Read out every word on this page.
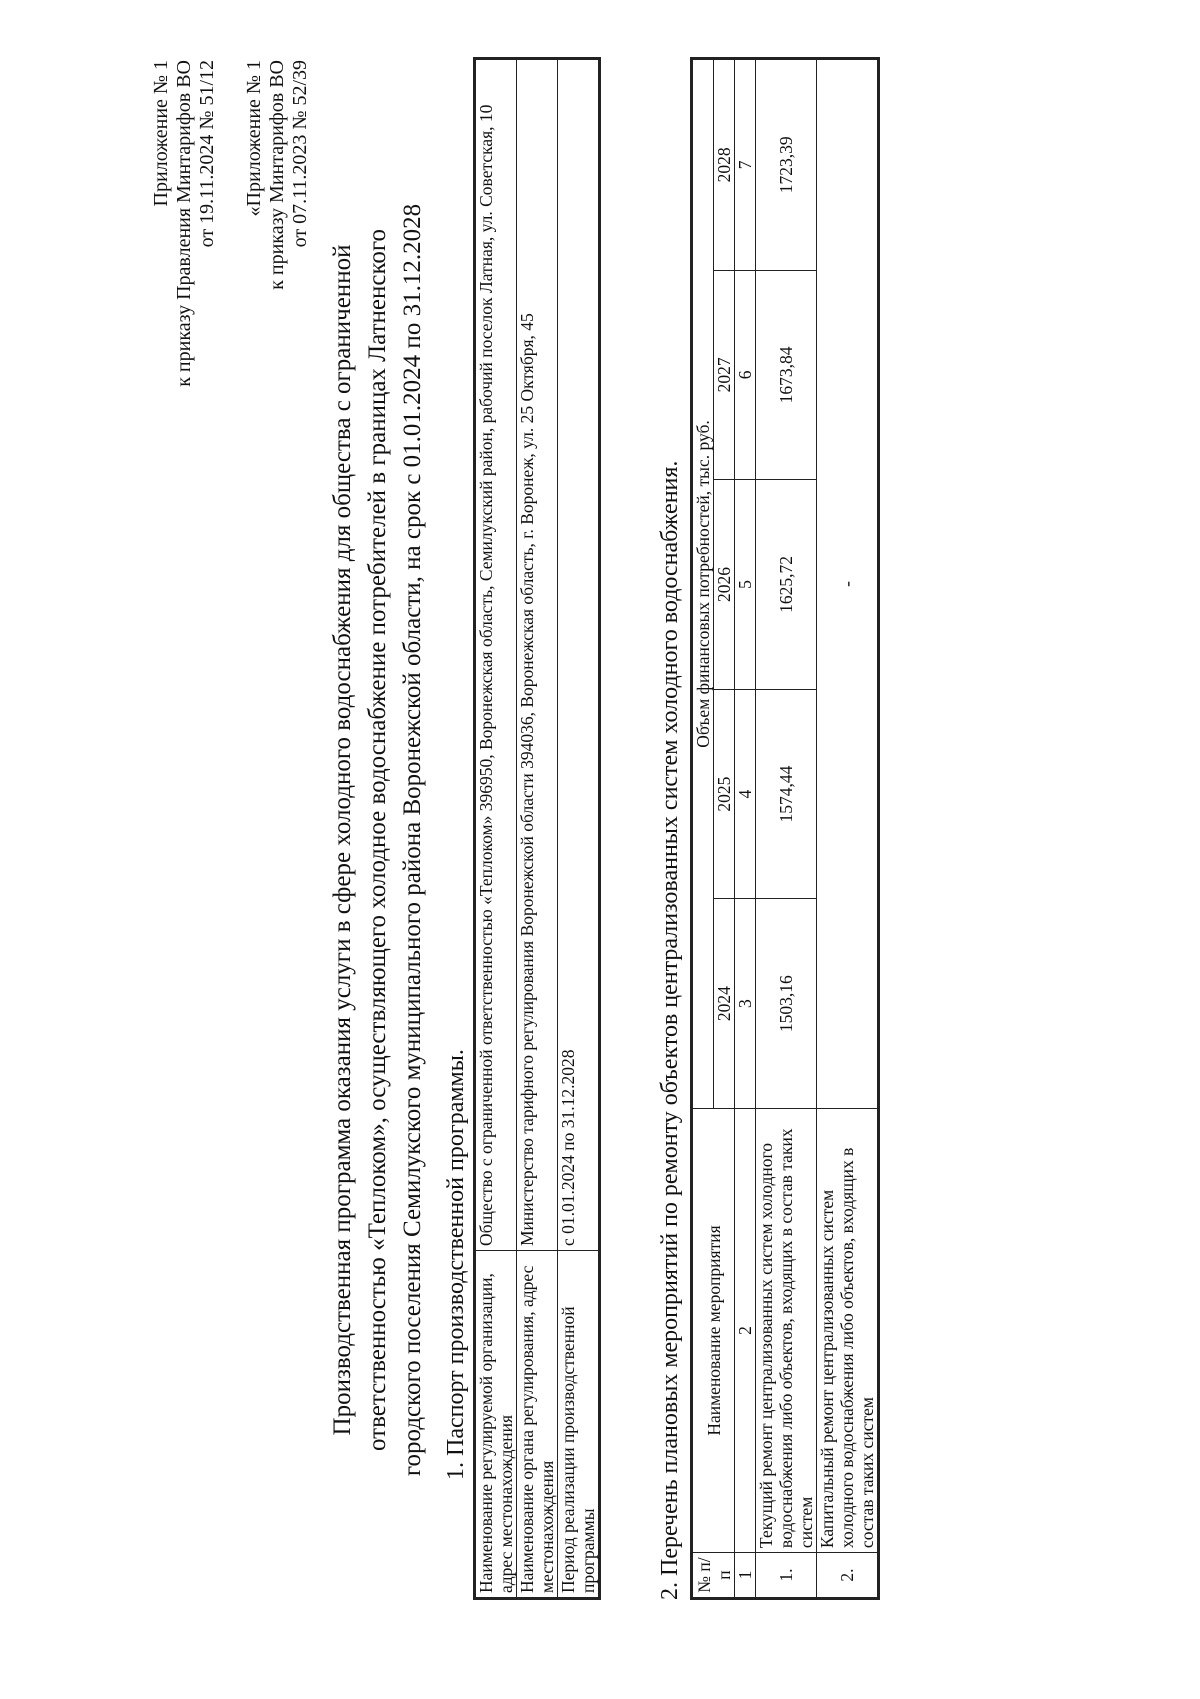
Приложение № 1 к приказу Правления Минтарифов ВО от 19.11.2024 № 51/12 «Приложение № 1 к приказу Минтарифов ВО от 07.11.2023 № 52/39
Производственная программа оказания услуги в сфере холодного водоснабжения для общества с ограниченной ответственностью «Теплоком», осуществляющего холодное водоснабжение потребителей в границах Латненского городского поселения Семилукского муниципального района Воронежской области, на срок с 01.01.2024 по 31.12.2028 1. Паспорт производственной программы. Наименование регулируемой организации, адрес местонахождения	Общество с ограниченной ответственностью «Теплоком» 396950, Воронежская область, Семилукский район, рабочий поселок Латная, ул. Советская, 10
Наименование органа регулирования, адрес местонахождения	Министерство тарифного регулирования Воронежской области 394036, Воронежская область, г. Воронеж, ул. 25 Октября, 45
Период реализации производственной программы	с 01.01.2024 по 31.12.2028	2. Перечень плановых мероприятий по ремонту объектов централизованных систем холодного водоснабжения. № п/п	Наименование мероприятия	Объем финансовых потребностей, тыс. руб.				
		2024	2025	2026	2027	2028
1	2	3	4	5	6	7
1.	Текущий ремонт централизованных систем холодного водоснабжения либо объектов, входящих в состав таких систем	1503,16	1574,44	1625,72	1673,84	1723,39
2.	Капитальный ремонт централизованных систем холодного водоснабжения либо объектов, входящих в состав таких систем	-				
